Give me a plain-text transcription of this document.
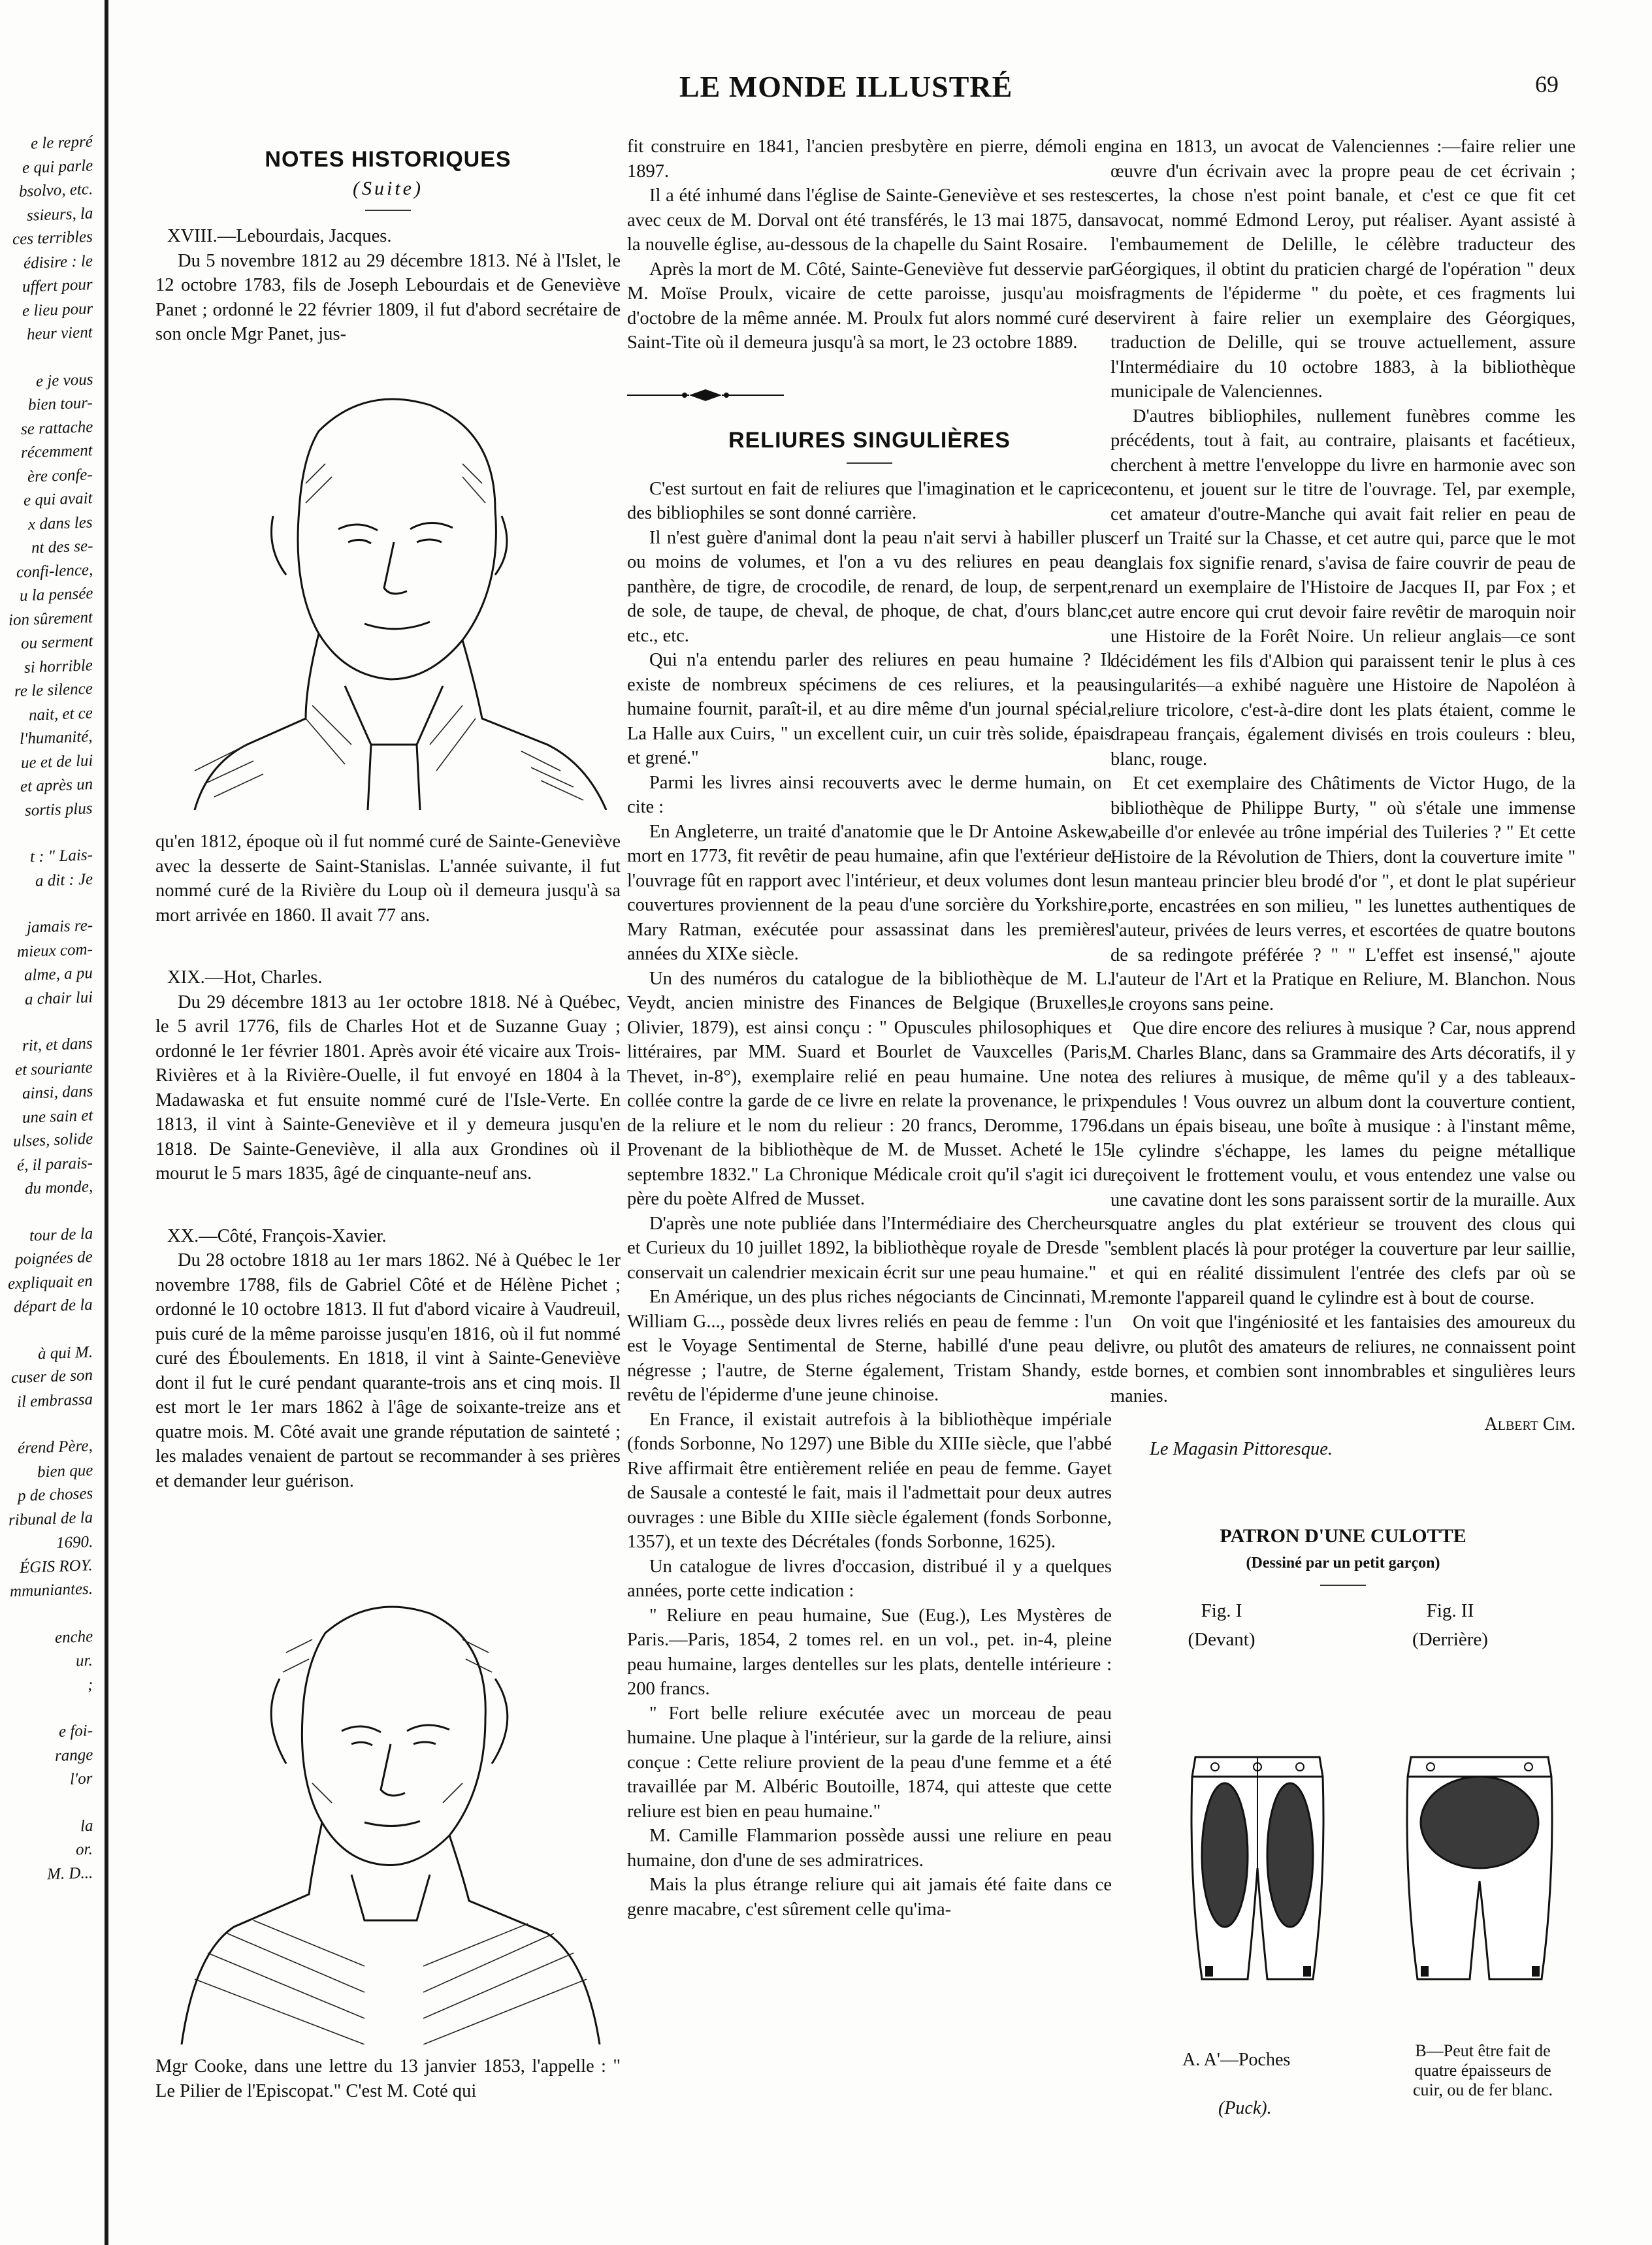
e le repré

e qui parle

bsolvo, etc.

ssieurs, la

ces terribles

édisire : le

uffert pour

e lieu pour

heur vient

e je vous

bien tour-

se rattache

récemment

ère confe-

e qui avait

x dans les

nt des se-

confi-lence,

u la pensée

ion sûrement

ou serment

si horrible

re le silence

nait, et ce

l'humanité,

ue et de lui

et après un

sortis plus

t : " Lais-

a dit : Je

jamais re-

mieux com-

alme, a pu

a chair lui

rit, et dans

et souriante

ainsi, dans

une sain et

ulses, solide

é, il parais-

du monde,

tour de la

poignées de

expliquait en

départ de la

à qui M.

cuser de son

il embrassa

érend Père,

bien que

p de choses

ribunal de la

1690.

ÉGIS ROY.

mmuniantes.

enche

ur.

;

e foi-

range

l'or

la

or.

M. D...

LE MONDE ILLUSTRÉ	69
NOTES HISTORIQUES
(Suite)

XVIII.—Lebourdais, Jacques.

Du 5 novembre 1812 au 29 décembre 1813. Né à l'Islet, le 12 octobre 1783, fils de Joseph Lebourdais et de Geneviève Panet ; ordonné le 22 février 1809, il fut d'abord secrétaire de son oncle Mgr Panet, jus-

qu'en 1812, époque où il fut nommé curé de Sainte-Geneviève avec la desserte de Saint-Stanislas. L'année suivante, il fut nommé curé de la Rivière du Loup où il demeura jusqu'à sa mort arrivée en 1860. Il avait 77 ans.

XIX.—Hot, Charles.

Du 29 décembre 1813 au 1er octobre 1818. Né à Québec, le 5 avril 1776, fils de Charles Hot et de Suzanne Guay ; ordonné le 1er février 1801. Après avoir été vicaire aux Trois-Rivières et à la Rivière-Ouelle, il fut envoyé en 1804 à la Madawaska et fut ensuite nommé curé de l'Isle-Verte. En 1813, il vint à Sainte-Geneviève et il y demeura jusqu'en 1818. De Sainte-Geneviève, il alla aux Grondines où il mourut le 5 mars 1835, âgé de cinquante-neuf ans.

XX.—Côté, François-Xavier.

Du 28 octobre 1818 au 1er mars 1862. Né à Québec le 1er novembre 1788, fils de Gabriel Côté et de Hélène Pichet ; ordonné le 10 octobre 1813. Il fut d'abord vicaire à Vaudreuil, puis curé de la même paroisse jusqu'en 1816, où il fut nommé curé des Éboulements. En 1818, il vint à Sainte-Geneviève dont il fut le curé pendant quarante-trois ans et cinq mois. Il est mort le 1er mars 1862 à l'âge de soixante-treize ans et quatre mois. M. Côté avait une grande réputation de sainteté ; les malades venaient de partout se recommander à ses prières et demander leur guérison.

Mgr Cooke, dans une lettre du 13 janvier 1853, l'appelle : " Le Pilier de l'Episcopat." C'est M. Coté qui

fit construire en 1841, l'ancien presbytère en pierre, démoli en 1897.

Il a été inhumé dans l'église de Sainte-Geneviève et ses restes avec ceux de M. Dorval ont été transférés, le 13 mai 1875, dans la nouvelle église, au-dessous de la chapelle du Saint Rosaire.

Après la mort de M. Côté, Sainte-Geneviève fut desservie par M. Moïse Proulx, vicaire de cette paroisse, jusqu'au mois d'octobre de la même année. M. Proulx fut alors nommé curé de Saint-Tite où il demeura jusqu'à sa mort, le 23 octobre 1889.

RELIURES SINGULIÈRES

C'est surtout en fait de reliures que l'imagination et le caprice des bibliophiles se sont donné carrière.

Il n'est guère d'animal dont la peau n'ait servi à habiller plus ou moins de volumes, et l'on a vu des reliures en peau de panthère, de tigre, de crocodile, de renard, de loup, de serpent, de sole, de taupe, de cheval, de phoque, de chat, d'ours blanc, etc., etc.

Qui n'a entendu parler des reliures en peau humaine ? Il existe de nombreux spécimens de ces reliures, et la peau humaine fournit, paraît-il, et au dire même d'un journal spécial, La Halle aux Cuirs, " un excellent cuir, un cuir très solide, épais et grené."

Parmi les livres ainsi recouverts avec le derme humain, on cite :

En Angleterre, un traité d'anatomie que le Dr Antoine Askew, mort en 1773, fit revêtir de peau humaine, afin que l'extérieur de l'ouvrage fût en rapport avec l'intérieur, et deux volumes dont les couvertures proviennent de la peau d'une sorcière du Yorkshire, Mary Ratman, exécutée pour assassinat dans les premières années du XIXe siècle.

Un des numéros du catalogue de la bibliothèque de M. L. Veydt, ancien ministre des Finances de Belgique (Bruxelles, Olivier, 1879), est ainsi conçu : " Opuscules philosophiques et littéraires, par MM. Suard et Bourlet de Vauxcelles (Paris, Thevet, in-8°), exemplaire relié en peau humaine. Une note collée contre la garde de ce livre en relate la provenance, le prix de la reliure et le nom du relieur : 20 francs, Deromme, 1796. Provenant de la bibliothèque de M. de Musset. Acheté le 15 septembre 1832." La Chronique Médicale croit qu'il s'agit ici du père du poète Alfred de Musset.

D'après une note publiée dans l'Intermédiaire des Chercheurs et Curieux du 10 juillet 1892, la bibliothèque royale de Dresde " conservait un calendrier mexicain écrit sur une peau humaine."

En Amérique, un des plus riches négociants de Cincinnati, M. William G..., possède deux livres reliés en peau de femme : l'un est le Voyage Sentimental de Sterne, habillé d'une peau de négresse ; l'autre, de Sterne également, Tristam Shandy, est revêtu de l'épiderme d'une jeune chinoise.

En France, il existait autrefois à la bibliothèque impériale (fonds Sorbonne, No 1297) une Bible du XIIIe siècle, que l'abbé Rive affirmait être entièrement reliée en peau de femme. Gayet de Sausale a contesté le fait, mais il l'admettait pour deux autres ouvrages : une Bible du XIIIe siècle également (fonds Sorbonne, 1357), et un texte des Décrétales (fonds Sorbonne, 1625).

Un catalogue de livres d'occasion, distribué il y a quelques années, porte cette indication :

" Reliure en peau humaine, Sue (Eug.), Les Mystères de Paris.—Paris, 1854, 2 tomes rel. en un vol., pet. in-4, pleine peau humaine, larges dentelles sur les plats, dentelle intérieure : 200 francs.

" Fort belle reliure exécutée avec un morceau de peau humaine. Une plaque à l'intérieur, sur la garde de la reliure, ainsi conçue : Cette reliure provient de la peau d'une femme et a été travaillée par M. Albéric Boutoille, 1874, qui atteste que cette reliure est bien en peau humaine."

M. Camille Flammarion possède aussi une reliure en peau humaine, don d'une de ses admiratrices.

Mais la plus étrange reliure qui ait jamais été faite dans ce genre macabre, c'est sûrement celle qu'ima-

gina en 1813, un avocat de Valenciennes :—faire relier une œuvre d'un écrivain avec la propre peau de cet écrivain ; certes, la chose n'est point banale, et c'est ce que fit cet avocat, nommé Edmond Leroy, put réaliser. Ayant assisté à l'embaumement de Delille, le célèbre traducteur des Géorgiques, il obtint du praticien chargé de l'opération " deux fragments de l'épiderme " du poète, et ces fragments lui servirent à faire relier un exemplaire des Géorgiques, traduction de Delille, qui se trouve actuellement, assure l'Intermédiaire du 10 octobre 1883, à la bibliothèque municipale de Valenciennes.

D'autres bibliophiles, nullement funèbres comme les précédents, tout à fait, au contraire, plaisants et facétieux, cherchent à mettre l'enveloppe du livre en harmonie avec son contenu, et jouent sur le titre de l'ouvrage. Tel, par exemple, cet amateur d'outre-Manche qui avait fait relier en peau de cerf un Traité sur la Chasse, et cet autre qui, parce que le mot anglais fox signifie renard, s'avisa de faire couvrir de peau de renard un exemplaire de l'Histoire de Jacques II, par Fox ; et cet autre encore qui crut devoir faire revêtir de maroquin noir une Histoire de la Forêt Noire. Un relieur anglais—ce sont décidément les fils d'Albion qui paraissent tenir le plus à ces singularités—a exhibé naguère une Histoire de Napoléon à reliure tricolore, c'est-à-dire dont les plats étaient, comme le drapeau français, également divisés en trois couleurs : bleu, blanc, rouge.

Et cet exemplaire des Châtiments de Victor Hugo, de la bibliothèque de Philippe Burty, " où s'étale une immense abeille d'or enlevée au trône impérial des Tuileries ? " Et cette Histoire de la Révolution de Thiers, dont la couverture imite " un manteau princier bleu brodé d'or ", et dont le plat supérieur porte, encastrées en son milieu, " les lunettes authentiques de l'auteur, privées de leurs verres, et escortées de quatre boutons de sa redingote préférée ? " " L'effet est insensé," ajoute l'auteur de l'Art et la Pratique en Reliure, M. Blanchon. Nous le croyons sans peine.

Que dire encore des reliures à musique ? Car, nous apprend M. Charles Blanc, dans sa Grammaire des Arts décoratifs, il y a des reliures à musique, de même qu'il y a des tableaux-pendules ! Vous ouvrez un album dont la couverture contient, dans un épais biseau, une boîte à musique : à l'instant même, le cylindre s'échappe, les lames du peigne métallique reçoivent le frottement voulu, et vous entendez une valse ou une cavatine dont les sons paraissent sortir de la muraille. Aux quatre angles du plat extérieur se trouvent des clous qui semblent placés là pour protéger la couverture par leur saillie, et qui en réalité dissimulent l'entrée des clefs par où se remonte l'appareil quand le cylindre est à bout de course.

On voit que l'ingéniosité et les fantaisies des amoureux du livre, ou plutôt des amateurs de reliures, ne connaissent point de bornes, et combien sont innombrables et singulières leurs manies.

Albert Cim.
Le Magasin Pittoresque.
PATRON D'UNE CULOTTE
(Dessiné par un petit garçon)
Fig. I
(Devant)
Fig. II
(Derrière)
A. A'—Poches	B—Peut être fait de quatre épaisseurs de cuir, ou de fer blanc.
(Puck).
